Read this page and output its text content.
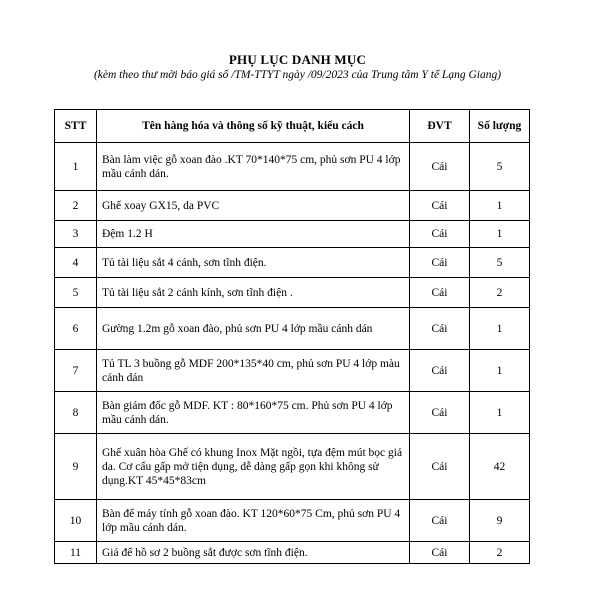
PHỤ LỤC DANH MỤC
(kèm theo thư mời báo giá số /TM-TTYT ngày /09/2023 của Trung tâm Y tế Lạng Giang)
STT	Tên hàng hóa và thông số kỹ thuật, kiểu cách	ĐVT	Số lượng
1	Bàn làm việc gỗ xoan đào .KT 70*140*75 cm, phủ sơn PU 4 lớp mầu cánh dán.	Cái	5
2	Ghế xoay GX15, da PVC	Cái	1
3	Đệm 1.2 H	Cái	1
4	Tủ tài liệu sắt 4 cánh, sơn tĩnh điện.	Cái	5
5	Tủ tài liệu sắt 2 cánh kính, sơn tĩnh điện .	Cái	2
6	Gường 1.2m gỗ xoan đào, phủ sơn PU 4 lớp mầu cánh dán	Cái	1
7	Tủ TL 3 buồng gỗ MDF 200*135*40 cm, phủ sơn PU 4 lớp màu cánh dán	Cái	1
8	Bàn giám đốc gỗ MDF. KT : 80*160*75 cm. Phủ sơn PU 4 lớp mầu cánh dán.	Cái	1
9	Ghế xuân hòa Ghế có khung Inox Mặt ngồi, tựa đệm mút bọc giả da. Cơ cấu gấp mở tiện dụng, dễ dàng gấp gọn khi không sử dụng.KT 45*45*83cm	Cái	42
10	Bàn để máy tính gỗ xoan đào. KT 120*60*75 Cm, phủ sơn PU 4 lớp mầu cánh dán.	Cái	9
11	Giá để hồ sơ 2 buồng sắt được sơn tĩnh điện.	Cái	2
